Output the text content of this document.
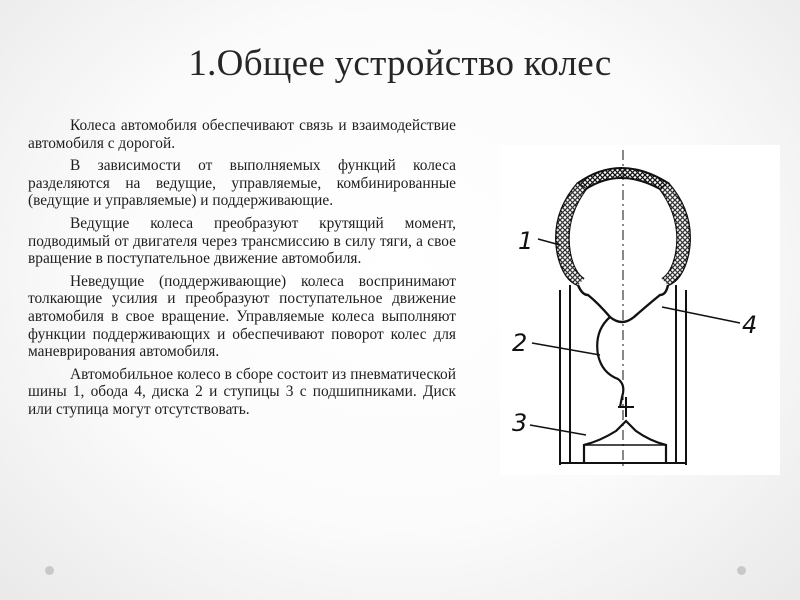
1.Общее устройство колес

Колеса автомобиля обеспечивают связь и взаимодействие автомобиля с дорогой.

В зависимости от выполняемых функций колеса разделяются на ведущие, управляемые, комбинированные (ведущие и управляемые) и поддерживающие.

Ведущие колеса преобразуют крутящий момент, подводимый от двигателя через трансмиссию в силу тяги, а свое вращение в поступательное движение автомобиля.

Неведущие (поддерживающие) колеса воспринимают толкающие усилия и преобразуют поступательное движение автомобиля в свое вращение. Управляемые колеса выполняют функции поддерживающих и обеспечивают поворот колес для маневрирования автомобиля.

Автомобильное колесо в сборе состоит из пневматической шины 1, обода 4, диска 2 и ступицы 3 с подшипниками. Диск или ступица могут отсутствовать.

1
2
3
4
